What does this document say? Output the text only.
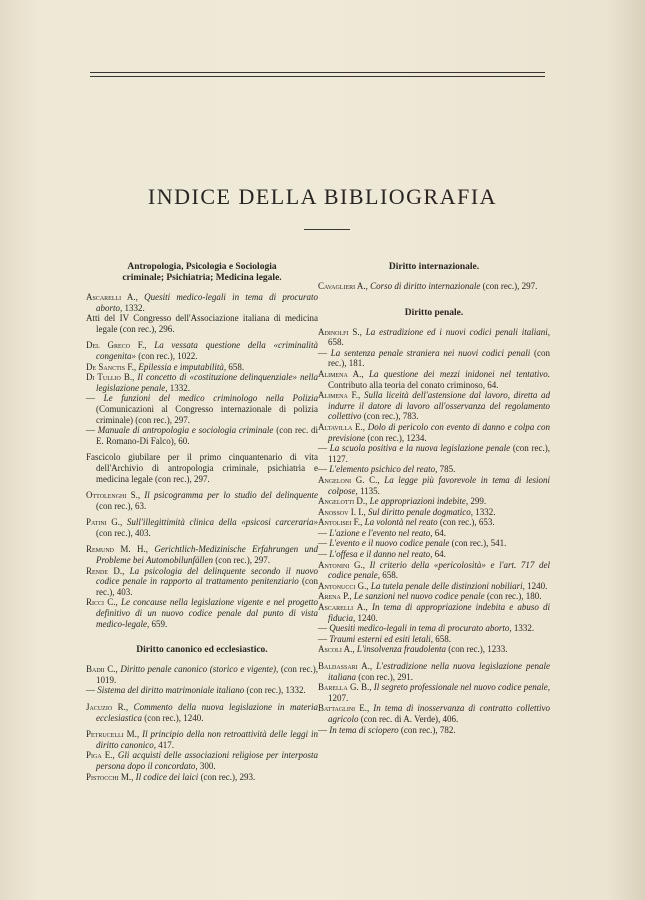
INDICE DELLA BIBLIOGRAFIA
Antropologia, Psicologia e Sociologia
criminale; Psichiatria; Medicina legale.

Ascarelli A., Quesiti medico-legali in tema di procurato aborto, 1332.

Atti del IV Congresso dell'Associazione italiana di medicina legale (con rec.), 296.

Del Greco F., La vessata questione della «criminalità congenita» (con rec.), 1022.

De Sanctis F., Epilessia e imputabilità, 658.

Di Tullio B., Il concetto di «costituzione delinquenziale» nella legislazione penale, 1332.

— Le funzioni del medico criminologo nella Polizia (Comunicazioni al Congresso internazionale di polizia criminale) (con rec.), 297.

— Manuale di antropologia e sociologia criminale (con rec. di E. Romano-Di Falco), 60.

Fascicolo giubilare per il primo cinquantenario di vita dell'Archivio di antropologia criminale, psichiatria e medicina legale (con rec.), 297.

Ottolenghi S., Il psicogramma per lo studio del delinquente (con rec.), 63.

Patini G., Sull'illegittimità clinica della «psicosi carceraria» (con rec.), 403.

Remund M. H., Gerichtlich-Medizinische Erfahrungen und Probleme bei Automobilunfällen (con rec.), 297.

Rende D., La psicologia del delinquente secondo il nuovo codice penale in rapporto al trattamento penitenziario (con rec.), 403.

Ricci C., Le concause nella legislazione vigente e nel progetto definitivo di un nuovo codice penale dal punto di vista medico-legale, 659.

Diritto canonico ed ecclesiastico.

Badii C., Diritto penale canonico (storico e vigente), (con rec.), 1019.

— Sistema del diritto matrimoniale italiano (con rec.), 1332.

Jacuzio R., Commento della nuova legislazione in materia ecclesiastica (con rec.), 1240.

Petrucelli M., Il principio della non retroattività delle leggi in diritto canonico, 417.

Piga E., Gli acquisti delle associazioni religiose per interposta persona dopo il concordato, 300.

Pistocchi M., Il codice dei laici (con rec.), 293.

Diritto internazionale.

Cavaglieri A., Corso di diritto internazionale (con rec.), 297.

Diritto penale.

Adinolfi S., La estradizione ed i nuovi codici penali italiani, 658.

— La sentenza penale straniera nei nuovi codici penali (con rec.), 181.

Alimena A., La questione dei mezzi inidonei nel tentativo. Contributo alla teoria del conato criminoso, 64.

Alimena F., Sulla liceità dell'astensione dal lavoro, diretta ad indurre il datore di lavoro all'osservanza del regolamento collettivo (con rec.), 783.

Altavilla E., Dolo di pericolo con evento di danno e colpa con previsione (con rec.), 1234.

— La scuola positiva e la nuova legislazione penale (con rec.), 1127.

— L'elemento psichico del reato, 785.

Angeloni G. C., La legge più favorevole in tema di lesioni colpose, 1135.

Angelotti D., Le appropriazioni indebite, 299.

Anossov I. I., Sul diritto penale dogmatico, 1332.

Antolisei F., La volontà nel reato (con rec.), 653.

— L'azione e l'evento nel reato, 64.

— L'evento e il nuovo codice penale (con rec.), 541.

— L'offesa e il danno nel reato, 64.

Antonini G., Il criterio della «pericolosità» e l'art. 717 del codice penale, 658.

Antonucci G., La tutela penale delle distinzioni nobiliari, 1240.

Arena P., Le sanzioni nel nuovo codice penale (con rec.), 180.

Ascarelli A., In tema di appropriazione indebita e abuso di fiducia, 1240.

— Quesiti medico-legali in tema di procurato aborto, 1332.

— Traumi esterni ed esiti letali, 658.

Ascoli A., L'insolvenza fraudolenta (con rec.), 1233.

Baldassari A., L'estradizione nella nuova legislazione penale italiana (con rec.), 291.

Barella G. B., Il segreto professionale nel nuovo codice penale, 1207.

Battaglini E., In tema di inosservanza di contratto collettivo agricolo (con rec. di A. Verde), 406.

— In tema di sciopero (con rec.), 782.
